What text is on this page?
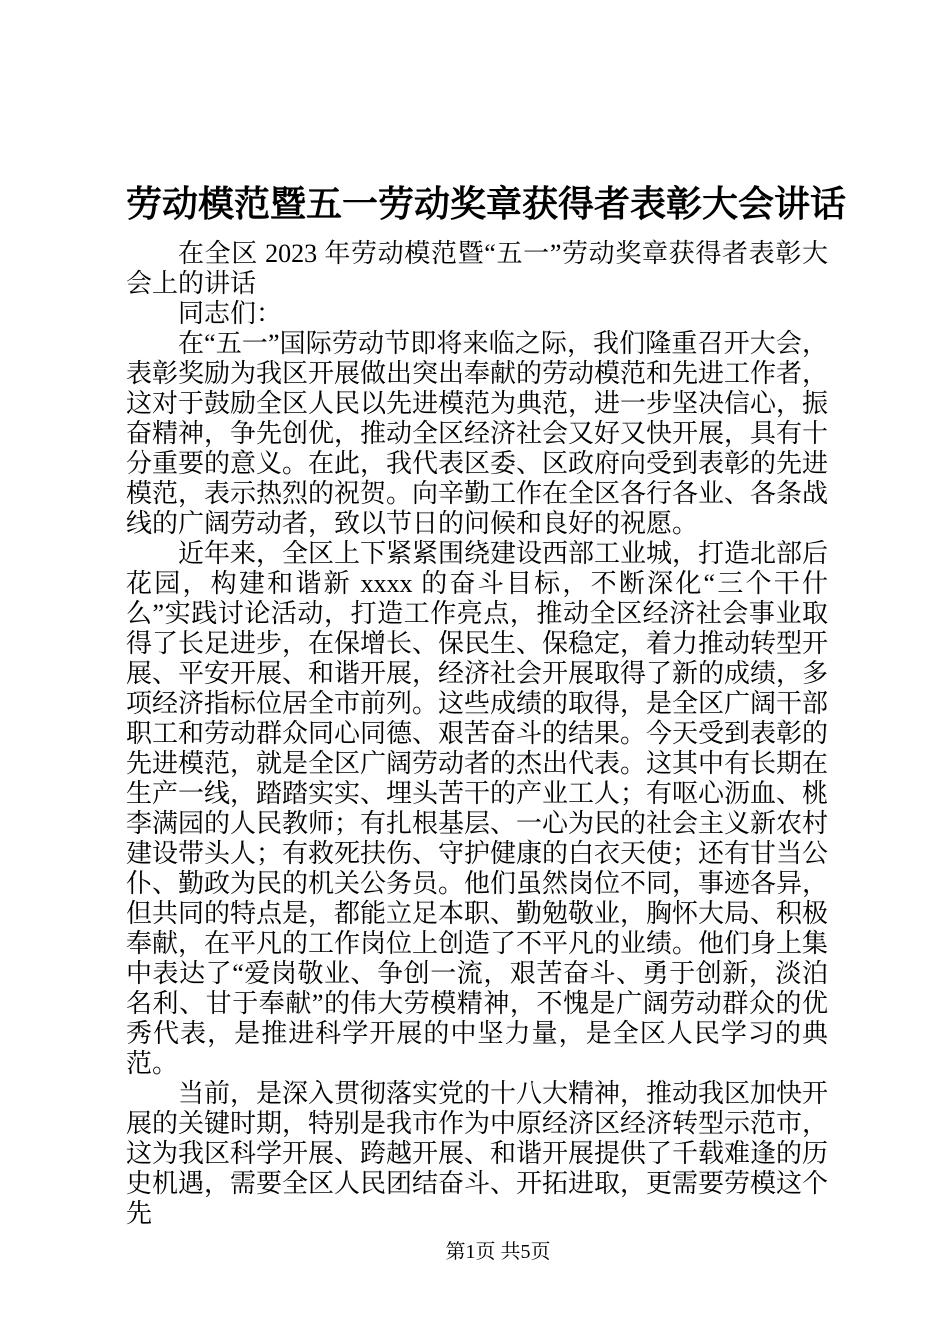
劳动模范暨五一劳动奖章获得者表彰大会讲话

在全区 2023 年劳动模范暨“五一”劳动奖章获得者表彰大会上的讲话

同志们：

在“五一”国际劳动节即将来临之际，我们隆重召开大会，表彰奖励为我区开展做出突出奉献的劳动模范和先进工作者，这对于鼓励全区人民以先进模范为典范，进一步坚决信心，振奋精神，争先创优，推动全区经济社会又好又快开展，具有十分重要的意义。在此，我代表区委、区政府向受到表彰的先进模范，表示热烈的祝贺。向辛勤工作在全区各行各业、各条战线的广阔劳动者，致以节日的问候和良好的祝愿。

近年来，全区上下紧紧围绕建设西部工业城，打造北部后花园，构建和谐新 xxxx 的奋斗目标，不断深化“三个干什么”实践讨论活动，打造工作亮点，推动全区经济社会事业取得了长足进步，在保增长、保民生、保稳定，着力推动转型开展、平安开展、和谐开展，经济社会开展取得了新的成绩，多项经济指标位居全市前列。这些成绩的取得，是全区广阔干部职工和劳动群众同心同德、艰苦奋斗的结果。今天受到表彰的先进模范，就是全区广阔劳动者的杰出代表。这其中有长期在生产一线，踏踏实实、埋头苦干的产业工人；有呕心沥血、桃李满园的人民教师；有扎根基层、一心为民的社会主义新农村建设带头人；有救死扶伤、守护健康的白衣天使；还有甘当公仆、勤政为民的机关公务员。他们虽然岗位不同，事迹各异，但共同的特点是，都能立足本职、勤勉敬业，胸怀大局、积极奉献，在平凡的工作岗位上创造了不平凡的业绩。他们身上集中表达了“爱岗敬业、争创一流，艰苦奋斗、勇于创新，淡泊名利、甘于奉献”的伟大劳模精神，不愧是广阔劳动群众的优秀代表，是推进科学开展的中坚力量，是全区人民学习的典范。

当前，是深入贯彻落实党的十八大精神，推动我区加快开展的关键时期，特别是我市作为中原经济区经济转型示范市，这为我区科学开展、跨越开展、和谐开展提供了千载难逢的历史机遇，需要全区人民团结奋斗、开拓进取，更需要劳模这个先

第1页 共5页
